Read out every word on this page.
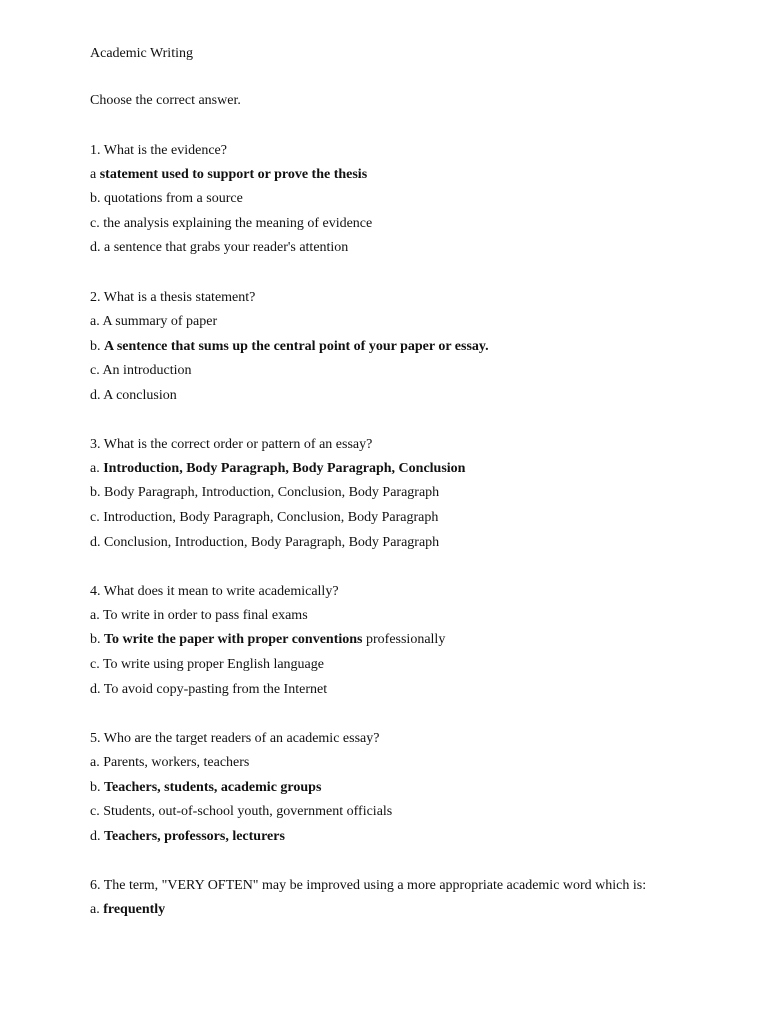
Academic Writing
Choose the correct answer.
1. What is the evidence?
a statement used to support or prove the thesis
b. quotations from a source
c. the analysis explaining the meaning of evidence
d. a sentence that grabs your reader's attention
2. What is a thesis statement?
a. A summary of paper
b. A sentence that sums up the central point of your paper or essay.
c. An introduction
d. A conclusion
3. What is the correct order or pattern of an essay?
a. Introduction, Body Paragraph, Body Paragraph, Conclusion
b. Body Paragraph, Introduction, Conclusion, Body Paragraph
c. Introduction, Body Paragraph, Conclusion, Body Paragraph
d. Conclusion, Introduction, Body Paragraph, Body Paragraph
4. What does it mean to write academically?
a. To write in order to pass final exams
b. To write the paper with proper conventions professionally
c. To write using proper English language
d. To avoid copy-pasting from the Internet
5. Who are the target readers of an academic essay?
a. Parents, workers, teachers
b. Teachers, students, academic groups
c. Students, out-of-school youth, government officials
d. Teachers, professors, lecturers
6. The term, "VERY OFTEN" may be improved using a more appropriate academic word which is:
a. frequently
